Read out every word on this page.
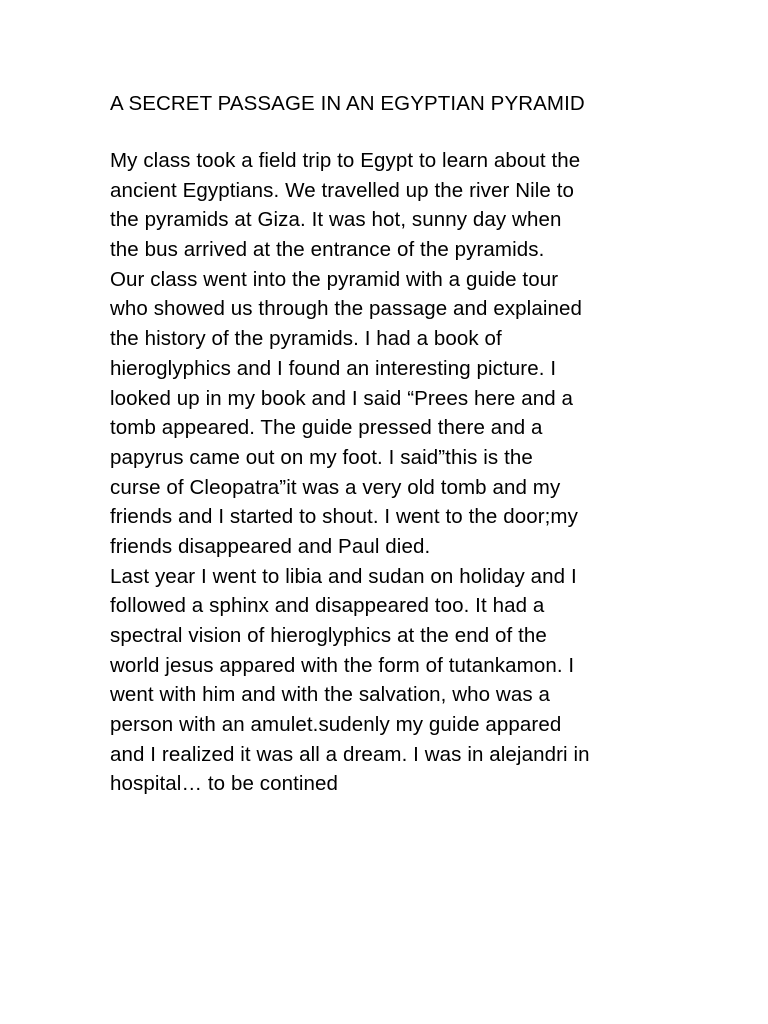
A SECRET PASSAGE IN AN EGYPTIAN PYRAMID
My class took a field trip to Egypt to learn about the
ancient Egyptians. We travelled up the river Nile to
the pyramids at Giza. It was hot, sunny day when
the bus arrived at the entrance of the pyramids.
Our class went into the pyramid with a guide tour
who showed us through the passage and explained
the history of the pyramids. I had a book of
hieroglyphics and I found an interesting picture. I
looked up in my book and I said “Prees here and a
tomb appeared. The guide pressed there and a
papyrus came out on my foot. I said”this is the
curse of Cleopatra”it was a very old tomb and my
friends and I started to shout. I went to the door;my
friends disappeared and Paul died.
Last year I went to libia and sudan on holiday and I
followed a sphinx and disappeared too. It had a
spectral vision of hieroglyphics at the end of the
world jesus appared with the form of tutankamon. I
went with him and with the salvation, who was a
person with an amulet.sudenly my guide appared
and I realized it was all a dream. I was in alejandri in
hospital… to be contined
